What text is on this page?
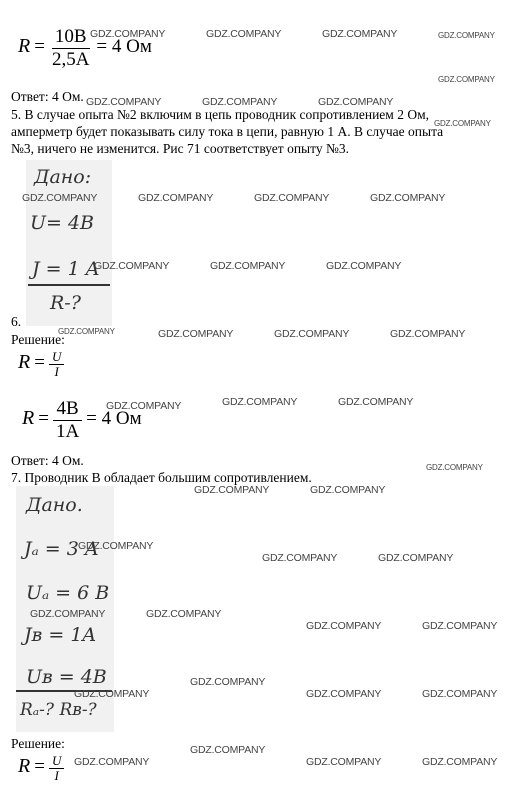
$R = \frac{10В}{2,5А} = 4$ Ом
Ответ: 4 Ом.
5. В случае опыта №2 включим в цепь проводник сопротивлением 2 Ом,
амперметр будет показывать силу тока в цепи, равную 1 А. В случае опыта
№3, ничего не изменится. Рис 71 соответствует опыту №3.
Дано:
U= 4B
J = 1 A
R-?
6.
Решение:
$R = \frac{U}{I}$
$R = \frac{4В}{1А} = 4$ Ом
Ответ: 4 Ом.
7. Проводник В обладает большим сопротивлением.
Дано.
Jₐ = 3 A
Uₐ = 6 B
Jʙ = 1A
Uʙ = 4B
Rₐ-? Rʙ-?
Решение:
$R = \frac{U}{I}$
GDZ.COMPANY	GDZ.COMPANY	GDZ.COMPANY	GDZ.COMPANY
GDZ.COMPANY
GDZ.COMPANY	GDZ.COMPANY	GDZ.COMPANY
GDZ.COMPANY
GDZ.COMPANY	GDZ.COMPANY	GDZ.COMPANY	GDZ.COMPANY
GDZ.COMPANY	GDZ.COMPANY	GDZ.COMPANY
GDZ.COMPANY	GDZ.COMPANY	GDZ.COMPANY	GDZ.COMPANY
GDZ.COMPANY	GDZ.COMPANY	GDZ.COMPANY
GDZ.COMPANY
GDZ.COMPANY	GDZ.COMPANY
GDZ.COMPANY
GDZ.COMPANY	GDZ.COMPANY
GDZ.COMPANY	GDZ.COMPANY
GDZ.COMPANY	GDZ.COMPANY
GDZ.COMPANY
GDZ.COMPANY	GDZ.COMPANY	GDZ.COMPANY
GDZ.COMPANY
GDZ.COMPANY	GDZ.COMPANY	GDZ.COMPANY
